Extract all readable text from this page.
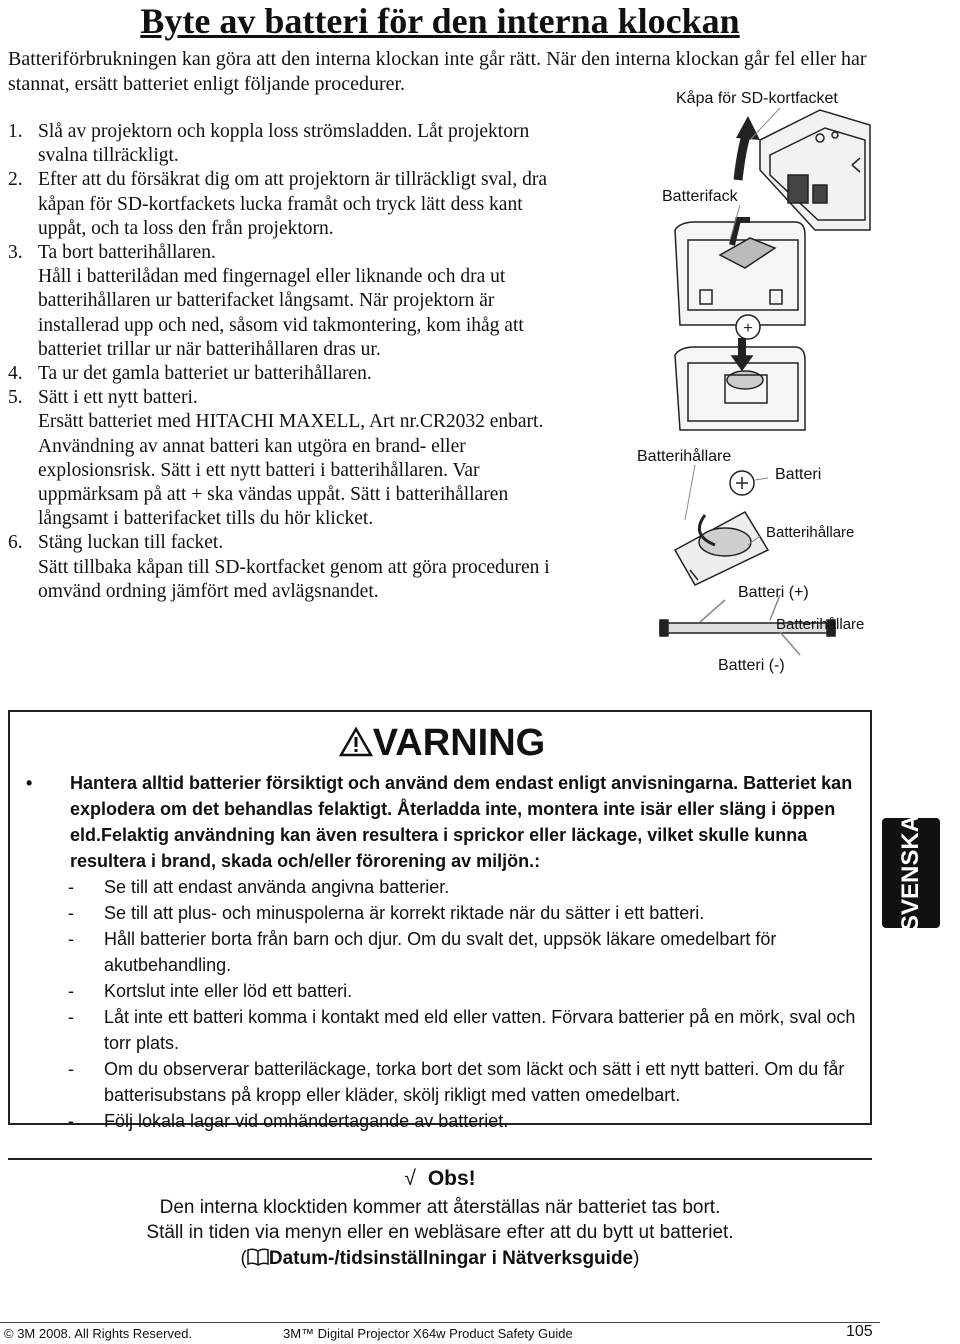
Byte av batteri för den interna klockan
Batteriförbrukningen kan göra att den interna klockan inte går rätt. När den interna klockan går fel eller har stannat, ersätt batteriet enligt följande procedurer.
1. Slå av projektorn och koppla loss strömsladden. Låt projektorn svalna tillräckligt.
2. Efter att du försäkrat dig om att projektorn är tillräckligt sval, dra kåpan för SD-kortfackets lucka framåt och tryck lätt dess kant uppåt, och ta loss den från projektorn.
3. Ta bort batterihållaren.
Håll i batterilådan med fingernagel eller liknande och dra ut batterihållaren ur batterifacket långsamt. När projektorn är installerad upp och ned, såsom vid takmontering, kom ihåg att batteriet trillar ur när batterihållaren dras ur.
4. Ta ur det gamla batteriet ur batterihållaren.
5. Sätt i ett nytt batteri.
Ersätt batteriet med HITACHI MAXELL, Art nr.CR2032 enbart. Användning av annat batteri kan utgöra en brand- eller explosionsrisk. Sätt i ett nytt batteri i batterihållaren. Var uppmärksam på att + ska vändas uppåt. Sätt i batterihållaren långsamt i batterifacket tills du hör klicket.
6. Stäng luckan till facket.
Sätt tillbaka kåpan till SD-kortfacket genom att göra proceduren i omvänd ordning jämfört med avlägsnandet.
+
Kåpa för SD-kortfacket
Batterifack
Batterihållare
Batteri
Batterihållare
Batteri (+)
Batterihållare
Batteri (-)
VARNING
•	Hantera alltid batterier försiktigt och använd dem endast enligt anvisningarna. Batteriet kan explodera om det behandlas felaktigt. Återladda inte, montera inte isär eller släng i öppen eld.Felaktig användning kan även resultera i sprickor eller läckage, vilket skulle kunna resultera i brand, skada och/eller förorening av miljön.:
-	Se till att endast använda angivna batterier.
-	Se till att plus- och minuspolerna är korrekt riktade när du sätter i ett batteri.
-	Håll batterier borta från barn och djur. Om du svalt det, uppsök läkare omedelbart för akutbehandling.
-	Kortslut inte eller löd ett batteri.
-	Låt inte ett batteri komma i kontakt med eld eller vatten. Förvara batterier på en mörk, sval och torr plats.
-	Om du observerar batteriläckage, torka bort det som läckt och sätt i ett nytt batteri. Om du får batterisubstans på kropp eller kläder, skölj rikligt med vatten omedelbart.
-	Följ lokala lagar vid omhändertagande av batteriet.
SVENSKA
√ Obs!
Den interna klocktiden kommer att återställas när batteriet tas bort.
Ställ in tiden via menyn eller en webläsare efter att du bytt ut batteriet.
( Datum-/tidsinställningar i Nätverksguide)
© 3M 2008. All Rights Reserved.	3M™ Digital Projector X64w Product Safety Guide	105
